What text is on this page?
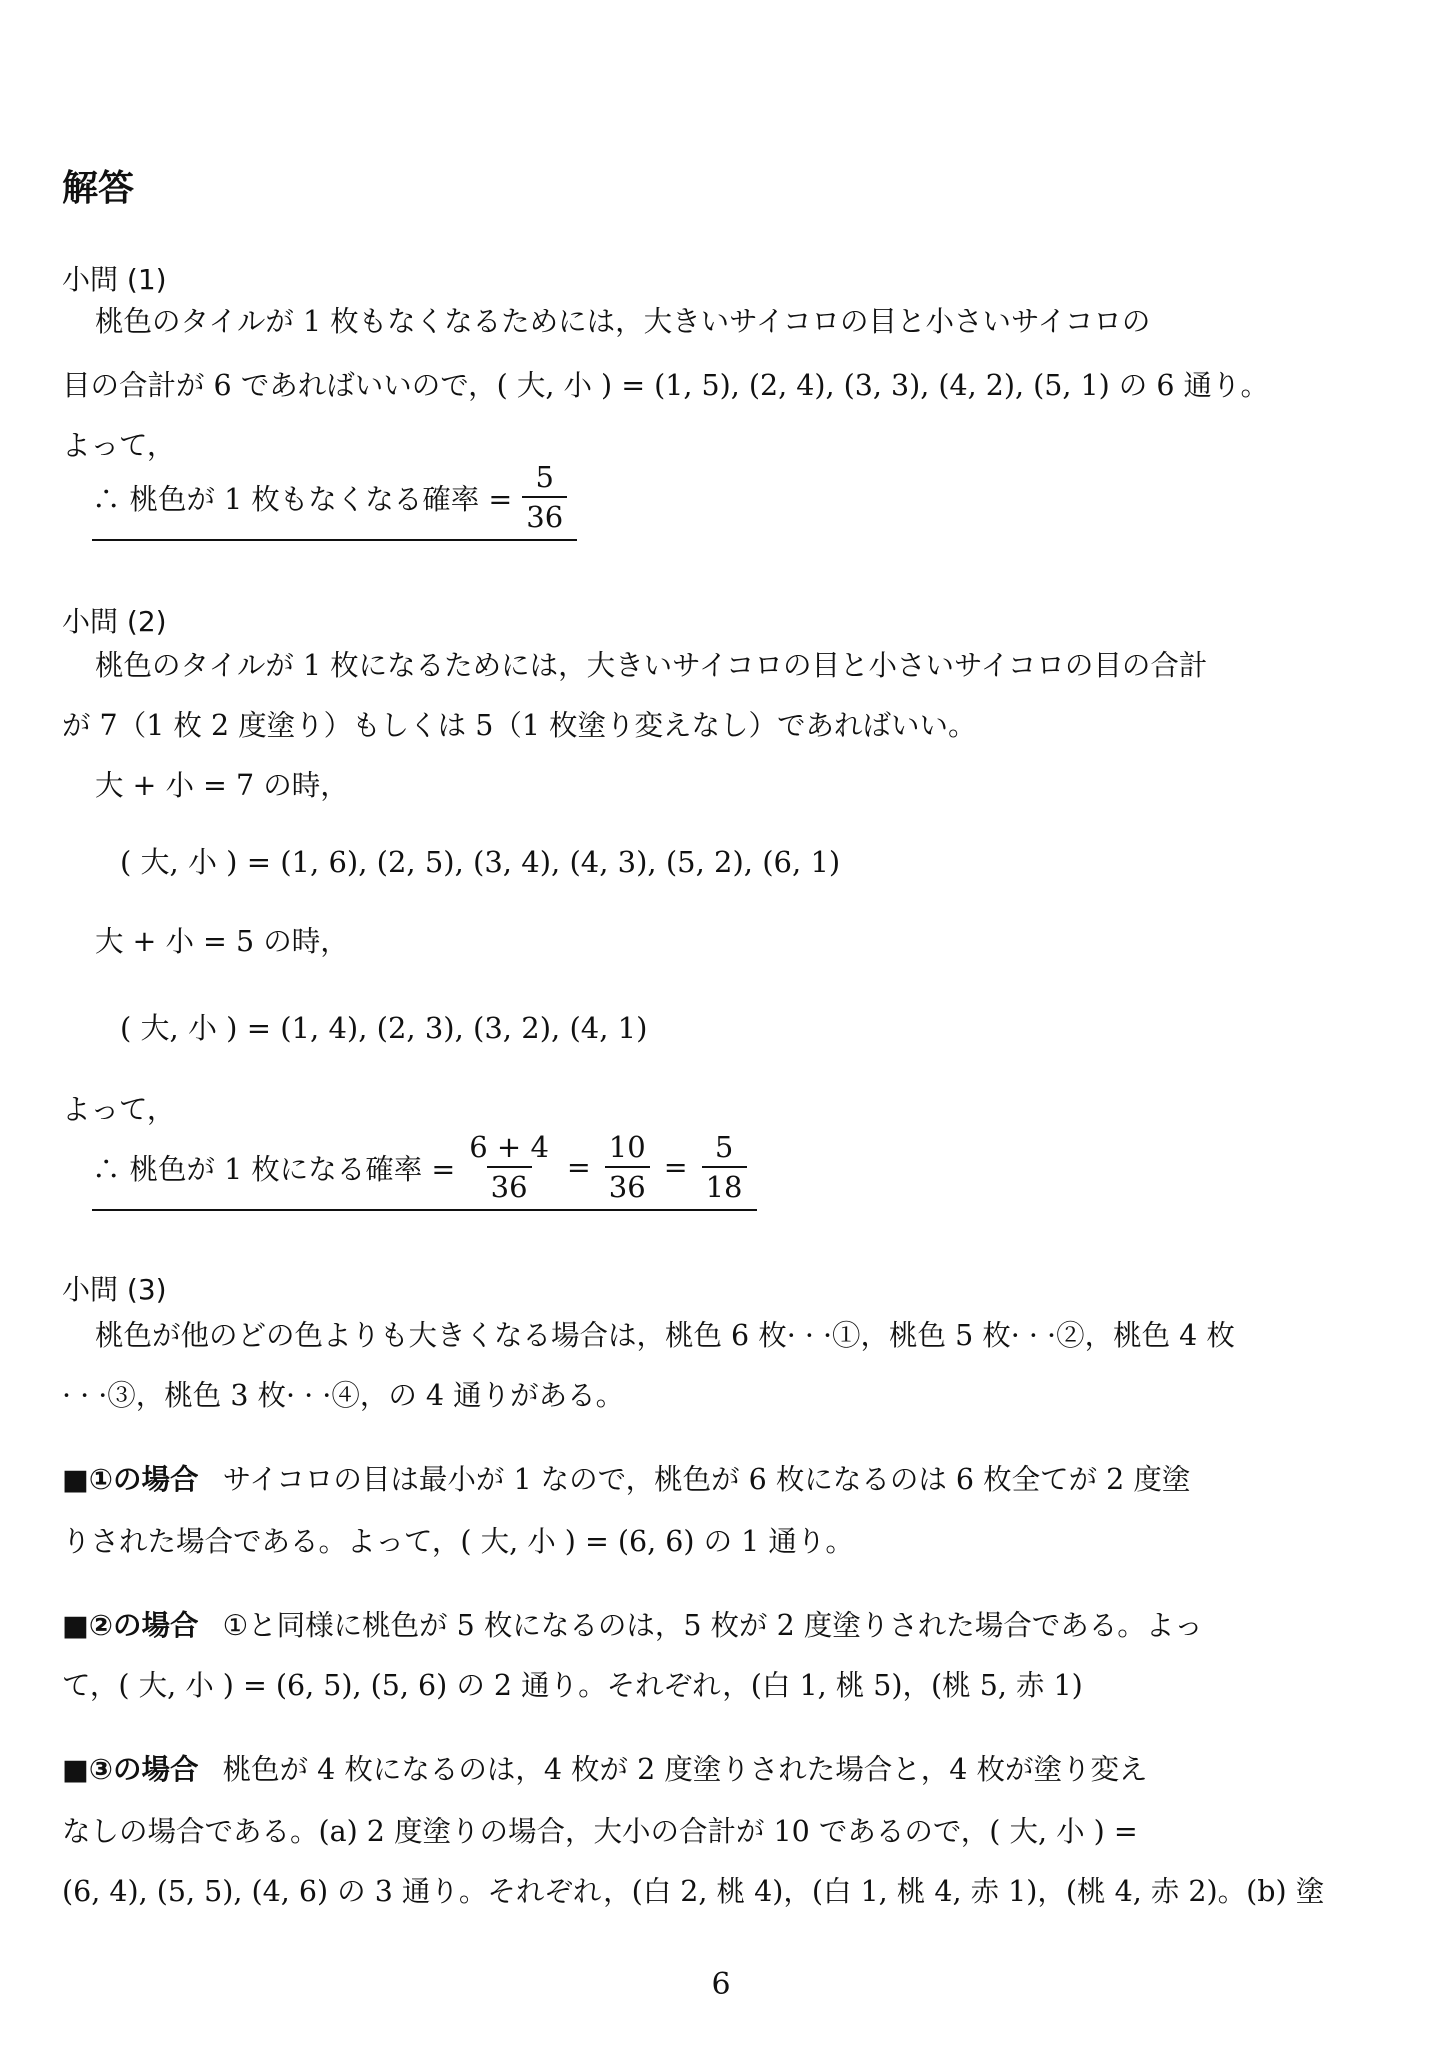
解答
小問 (1)
桃色のタイルが 1 枚もなくなるためには，大きいサイコロの目と小さいサイコロの
目の合計が 6 であればいいので，( 大, 小 ) = (1, 5), (2, 4), (3, 3), (4, 2), (5, 1) の 6 通り。
よって，
∴ 桃色が 1 枚もなくなる確率 = $\frac{5}{36}$
小問 (2)
桃色のタイルが 1 枚になるためには，大きいサイコロの目と小さいサイコロの目の合計
が 7（1 枚 2 度塗り）もしくは 5（1 枚塗り変えなし）であればいい。
大 + 小 = 7 の時，
( 大, 小 ) = (1, 6), (2, 5), (3, 4), (4, 3), (5, 2), (6, 1)
大 + 小 = 5 の時，
( 大, 小 ) = (1, 4), (2, 3), (3, 2), (4, 1)
よって，
∴ 桃色が 1 枚になる確率 = $\frac{6 + 4}{36} = \frac{10}{36} = \frac{5}{18}$
小問 (3)
桃色が他のどの色よりも大きくなる場合は，桃色 6 枚· · ·①，桃色 5 枚· · ·②，桃色 4 枚
· · ·③，桃色 3 枚· · ·④，の 4 通りがある。
■①の場合 サイコロの目は最小が 1 なので，桃色が 6 枚になるのは 6 枚全てが 2 度塗
りされた場合である。よって，( 大, 小 ) = (6, 6) の 1 通り。
■②の場合 ①と同様に桃色が 5 枚になるのは，5 枚が 2 度塗りされた場合である。よっ
て，( 大, 小 ) = (6, 5), (5, 6) の 2 通り。それぞれ，(白 1, 桃 5)，(桃 5, 赤 1)
■③の場合 桃色が 4 枚になるのは，4 枚が 2 度塗りされた場合と，4 枚が塗り変え
なしの場合である。(a) 2 度塗りの場合，大小の合計が 10 であるので，( 大, 小 ) =
(6, 4), (5, 5), (4, 6) の 3 通り。それぞれ，(白 2, 桃 4)，(白 1, 桃 4, 赤 1)，(桃 4, 赤 2)。(b) 塗
6
